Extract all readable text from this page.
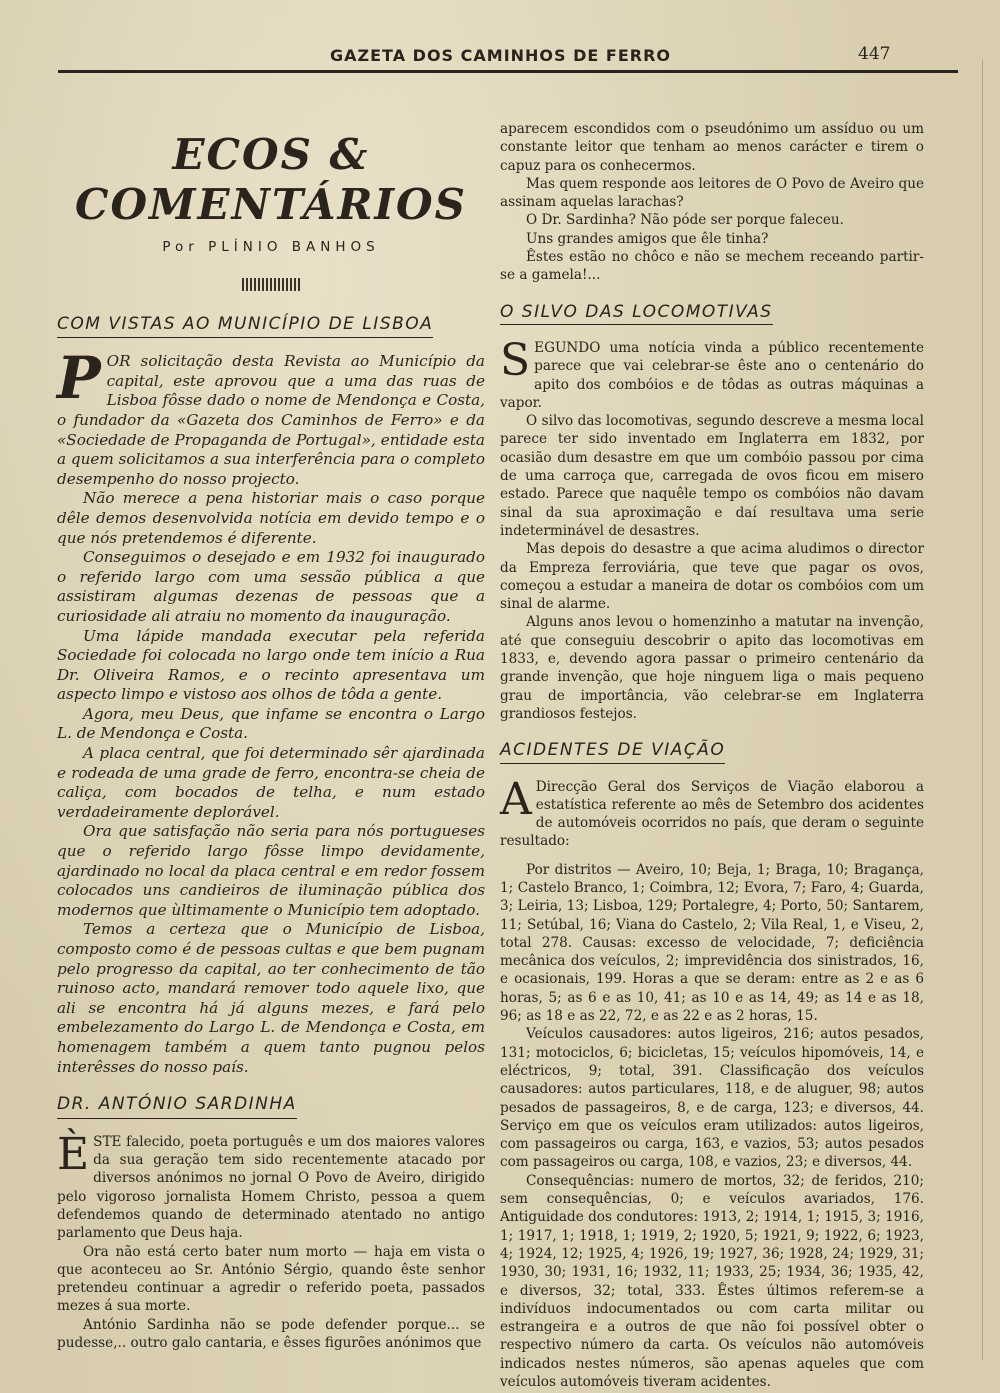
GAZETA DOS CAMINHOS DE FERRO	447
ECOS & COMENTÁRIOS
Por PLÍNIO BANHOS
COM VISTAS AO MUNICÍPIO DE LISBOA
P OR solicitação desta Revista ao Município da capital, este aprovou que a uma das ruas de Lisboa fôsse dado o nome de Mendonça e Costa, o fundador da «Gazeta dos Caminhos de Ferro» e da «Sociedade de Propaganda de Portugal», entidade esta a quem solicitamos a sua interferência para o completo desempenho do nosso projecto.

Não merece a pena historiar mais o caso porque dêle demos desenvolvida notícia em devido tempo e o que nós pretendemos é diferente.

Conseguimos o desejado e em 1932 foi inaugurado o referido largo com uma sessão pública a que assistiram algumas dezenas de pessoas que a curiosidade ali atraiu no momento da inauguração.

Uma lápide mandada executar pela referida Sociedade foi colocada no largo onde tem início a Rua Dr. Oliveira Ramos, e o recinto apresentava um aspecto limpo e vistoso aos olhos de tôda a gente.

Agora, meu Deus, que infame se encontra o Largo L. de Mendonça e Costa.

A placa central, que foi determinado sêr ajardinada e rodeada de uma grade de ferro, encontra-se cheia de caliça, com bocados de telha, e num estado verdadeiramente deplorável.

Ora que satisfação não seria para nós portugueses que o referido largo fôsse limpo devidamente, ajardinado no local da placa central e em redor fossem colocados uns candieiros de iluminação pública dos modernos que ùltimamente o Município tem adoptado.

Temos a certeza que o Município de Lisboa, composto como é de pessoas cultas e que bem pugnam pelo progresso da capital, ao ter conhecimento de tão ruinoso acto, mandará remover todo aquele lixo, que ali se encontra há já alguns mezes, e fará pelo embelezamento do Largo L. de Mendonça e Costa, em homenagem também a quem tanto pugnou pelos interêsses do nosso país.

DR. ANTÓNIO SARDINHA
È STE falecido, poeta português e um dos maiores valores da sua geração tem sido recentemente atacado por diversos anónimos no jornal O Povo de Aveiro, dirigido pelo vigoroso jornalista Homem Christo, pessoa a quem defendemos quando de determinado atentado no antigo parlamento que Deus haja.

Ora não está certo bater num morto — haja em vista o que aconteceu ao Sr. António Sérgio, quando êste senhor pretendeu continuar a agredir o referido poeta, passados mezes á sua morte.

António Sardinha não se pode defender porque... se pudesse,.. outro galo cantaria, e êsses figurões anónimos que

aparecem escondidos com o pseudónimo um assíduo ou um constante leitor que tenham ao menos carácter e tirem o capuz para os conhecermos.

Mas quem responde aos leitores de O Povo de Aveiro que assinam aquelas larachas?

O Dr. Sardinha? Não póde ser porque faleceu.

Uns grandes amigos que êle tinha?

Êstes estão no chôco e não se mechem receando partir-se a gamela!...

O SILVO DAS LOCOMOTIVAS
S EGUNDO uma notícia vinda a público recentemente parece que vai celebrar-se êste ano o centenário do apito dos combóios e de tôdas as outras máquinas a vapor.

O silvo das locomotivas, segundo descreve a mesma local parece ter sido inventado em Inglaterra em 1832, por ocasião dum desastre em que um combóio passou por cima de uma carroça que, carregada de ovos ficou em misero estado. Parece que naquêle tempo os combóios não davam sinal da sua aproximação e daí resultava uma serie indeterminável de desastres.

Mas depois do desastre a que acima aludimos o director da Empreza ferroviária, que teve que pagar os ovos, começou a estudar a maneira de dotar os combóios com um sinal de alarme.

Alguns anos levou o homenzinho a matutar na invenção, até que conseguiu descobrir o apito das locomotivas em 1833, e, devendo agora passar o primeiro centenário da grande invenção, que hoje ninguem liga o mais pequeno grau de importância, vão celebrar-se em Inglaterra grandiosos festejos.

ACIDENTES DE VIAÇÃO
A Direcção Geral dos Serviços de Viação elaborou a estatística referente ao mês de Setembro dos acidentes de automóveis ocorridos no país, que deram o seguinte resultado:

Por distritos — Aveiro, 10; Beja, 1; Braga, 10; Bragança, 1; Castelo Branco, 1; Coimbra, 12; Evora, 7; Faro, 4; Guarda, 3; Leiria, 13; Lisboa, 129; Portalegre, 4; Porto, 50; Santarem, 11; Setúbal, 16; Viana do Castelo, 2; Vila Real, 1, e Viseu, 2, total 278. Causas: excesso de velocidade, 7; deficiência mecânica dos veículos, 2; imprevidência dos sinistrados, 16, e ocasionais, 199. Horas a que se deram: entre as 2 e as 6 horas, 5; as 6 e as 10, 41; as 10 e as 14, 49; as 14 e as 18, 96; as 18 e as 22, 72, e as 22 e as 2 horas, 15.

Veículos causadores: autos ligeiros, 216; autos pesados, 131; motociclos, 6; bicicletas, 15; veículos hipomóveis, 14, e eléctricos, 9; total, 391. Classificação dos veículos causadores: autos particulares, 118, e de aluguer, 98; autos pesados de passageiros, 8, e de carga, 123; e diversos, 44. Serviço em que os veículos eram utilizados: autos ligeiros, com passageiros ou carga, 163, e vazios, 53; autos pesados com passageiros ou carga, 108, e vazios, 23; e diversos, 44.

Consequências: numero de mortos, 32; de feridos, 210; sem consequências, 0; e veículos avariados, 176. Antiguidade dos condutores: 1913, 2; 1914, 1; 1915, 3; 1916, 1; 1917, 1; 1918, 1; 1919, 2; 1920, 5; 1921, 9; 1922, 6; 1923, 4; 1924, 12; 1925, 4; 1926, 19; 1927, 36; 1928, 24; 1929, 31; 1930, 30; 1931, 16; 1932, 11; 1933, 25; 1934, 36; 1935, 42, e diversos, 32; total, 333. Êstes últimos referem-se a indivíduos indocumentados ou com carta militar ou estrangeira e a outros de que não foi possível obter o respectivo número da carta. Os veículos não automóveis indicados nestes números, são apenas aqueles que com veículos automóveis tiveram acidentes.
